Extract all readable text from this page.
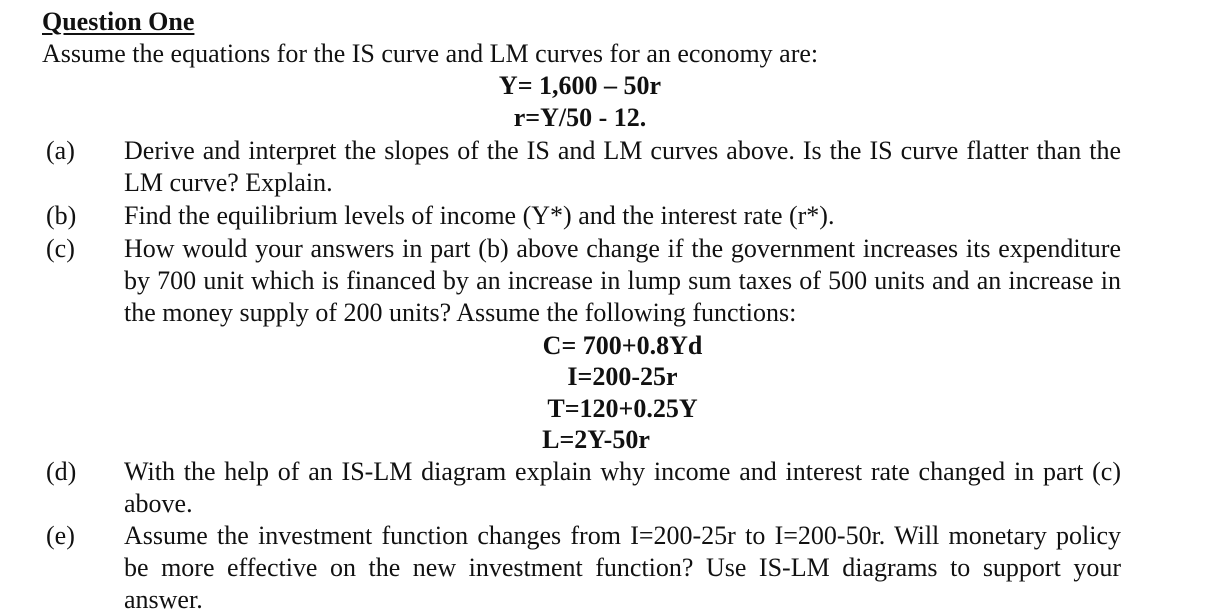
Question One
Assume the equations for the IS curve and LM curves for an economy are:
Y= 1,600 – 50r
r=Y/50 - 12.
(a)	Derive and interpret the slopes of the IS and LM curves above. Is the IS curve flatter than the LM curve? Explain.
(b)	Find the equilibrium levels of income (Y*) and the interest rate (r*).
(c)	How would your answers in part (b) above change if the government increases its expenditure by 700 unit which is financed by an increase in lump sum taxes of 500 units and an increase in the money supply of 200 units? Assume the following functions:
C= 700+0.8Yd
I=200-25r
T=120+0.25Y
L=2Y-50r
(d)	With the help of an IS-LM diagram explain why income and interest rate changed in part (c) above.
(e)	Assume the investment function changes from I=200-25r to I=200-50r. Will monetary policy be more effective on the new investment function? Use IS-LM diagrams to support your answer.
